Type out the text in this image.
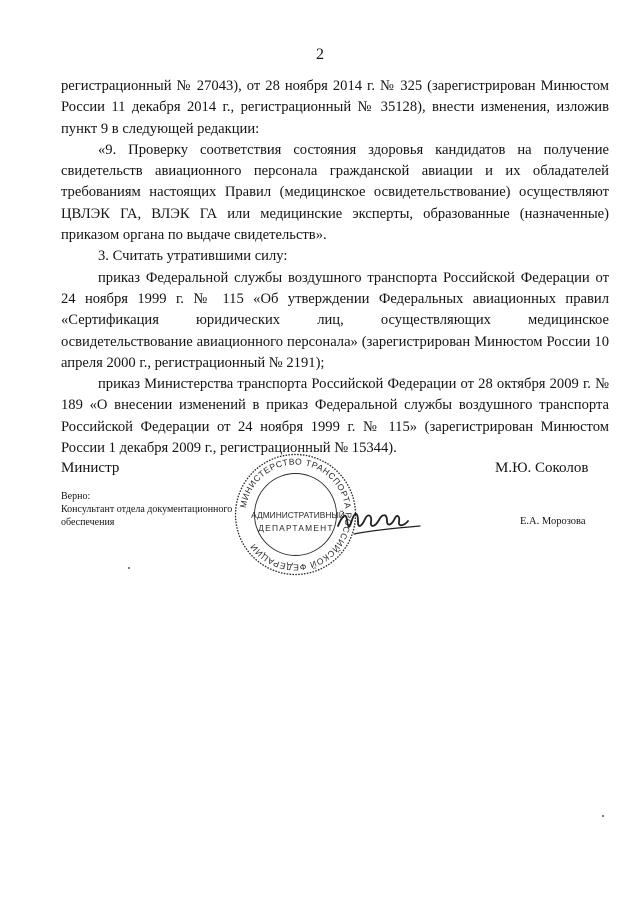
2

регистрационный № 27043), от 28 ноября 2014 г. № 325 (зарегистрирован Минюстом России 11 декабря 2014 г., регистрационный № 35128), внести изменения, изложив пункт 9 в следующей редакции:

«9. Проверку соответствия состояния здоровья кандидатов на получение свидетельств авиационного персонала гражданской авиации и их обладателей требованиям настоящих Правил (медицинское освидетельствование) осуществляют ЦВЛЭК ГА, ВЛЭК ГА или медицинские эксперты, образованные (назначенные) приказом органа по выдаче свидетельств».

3. Считать утратившими силу:

приказ Федеральной службы воздушного транспорта Российской Федерации от 24 ноября 1999 г. № 115 «Об утверждении Федеральных авиационных правил «Сертификация юридических лиц, осуществляющих медицинское освидетельствование авиационного персонала» (зарегистрирован Минюстом России 10 апреля 2000 г., регистрационный № 2191);

приказ Министерства транспорта Российской Федерации от 28 октября 2009 г. № 189 «О внесении изменений в приказ Федеральной службы воздушного транспорта Российской Федерации от 24 ноября 1999 г. № 115» (зарегистрирован Минюстом России 1 декабря 2009 г., регистрационный № 15344).

Министр	М.Ю. Соколов
Верно:
Консультант отдела документационного
обеспечения	Е.А. Морозова
МИНИСТЕРСТВО ТРАНСПОРТА РОССИЙСКОЙ ФЕДЕРАЦИИ
АДМИНИСТРАТИВНЫЙ
ДЕПАРТАМЕНТ
